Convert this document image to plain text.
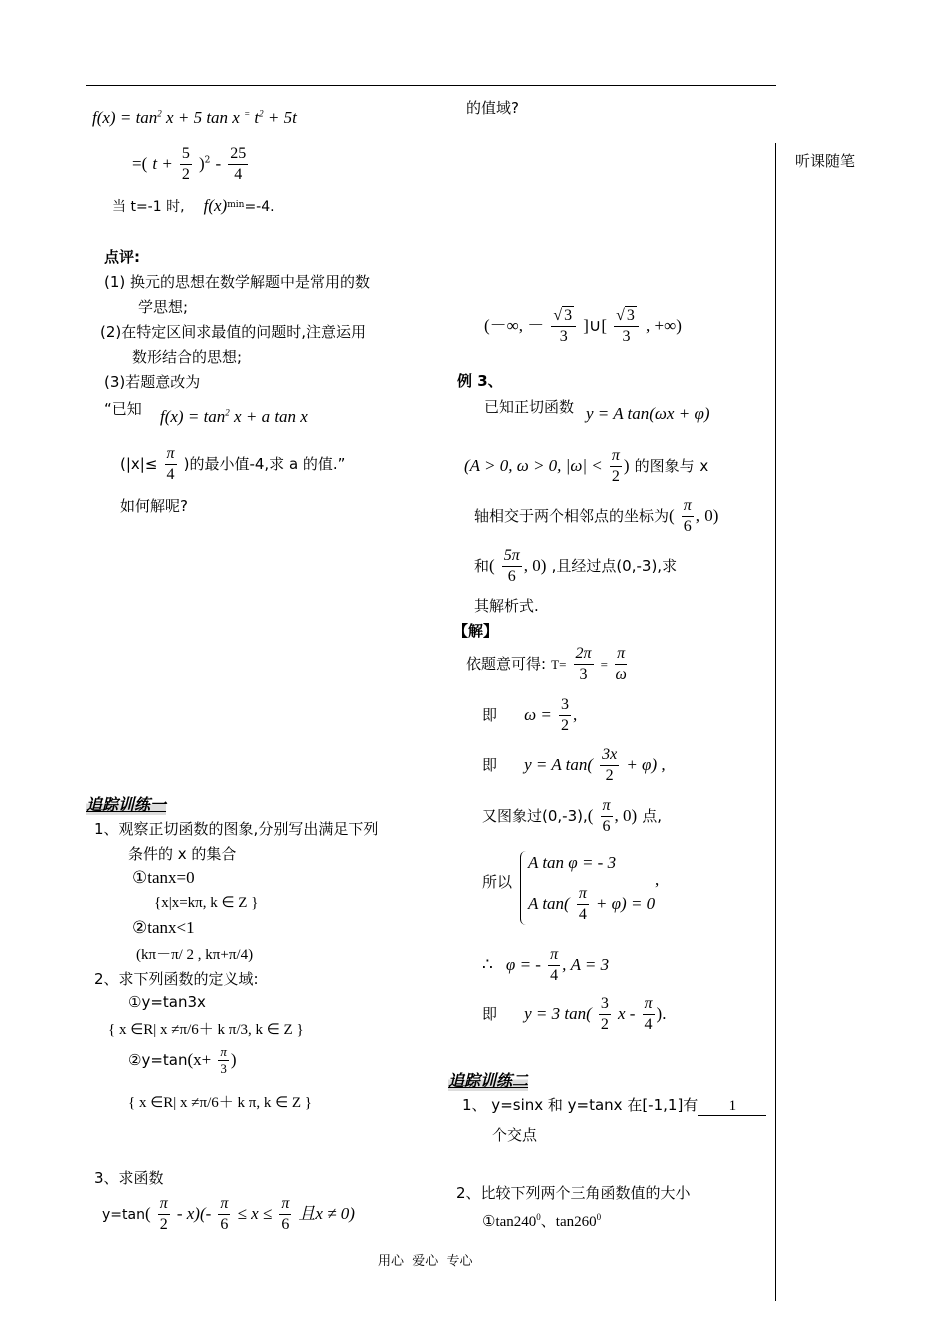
听课随笔
$f(x) = \tan^2 x + 5$ tan x = $t^2 + 5t$
=( $t + \frac{5}{2} )^2 - \frac{25}{4}$
当 t=-1 时, $f(x)^{min}=-4$.
点评:
(1) 换元的思想在数学解题中是常用的数
学思想;
(2)在特定区间求最值的问题时,注意运用
数形结合的思想;
(3)若题意改为
“已知 $f(x) = \tan^2 x + a$ tan x
($|x|\le \frac{\pi}{4}$ )的最小值-4,求 a 的值.”
如何解呢?
追踪训练一
1、观察正切函数的图象,分别写出满足下列
条件的 x 的集合
①tanx=0
{x|x=kπ, k ∈ Z }
②tanx<1
(kπ－π/ 2 , kπ+π/4)
2、求下列函数的定义域:
①y=tan3x
{ x ∈R| x ≠π/6＋ k π/3, k ∈ Z }
②y=tan(x+ $\frac{\pi}{3}$ )
{ x ∈R| x ≠π/6＋ k π, k ∈ Z }
3、求函数
$y=\tan( \frac{\pi}{2} - x)(- \frac{\pi}{6} \le x \le \frac{\pi}{6}$ 且x ≠ 0)
的值域?
(－∞, － $\frac{√ 3}{3}$ ]∪[ $\frac{√ 3}{3}$ , +∞)
例 3、
已知正切函数 y = A tan(ωx + φ)
(A > 0, ω > 0, $|\omega| < \frac{\pi}{2}$ ) 的图象与 x
轴相交于两个相邻点的坐标为( $\frac{\pi}{6}$ , 0)
和( $\frac{5\pi}{6}$ , 0) ,且经过点(0,-3),求
其解析式.
【解】
依题意可得: $T= \frac{2\pi}{3} = \frac{\pi}{\omega}$
即 $\omega = \frac{3}{2}$ ,
即 y = A $\tan( \frac{3x}{2} + \varphi)$ ,
又图象过$(0,-3),( \frac{\pi}{6}$ , 0) 点,
所以
A tan φ = - 3
A $\tan( \frac{\pi}{4} + \varphi) = 0$
,
∴ φ = - $\frac{\pi}{4}$ , A = 3
即 y = 3 $\tan( \frac{3}{2}$ x - $\frac{\pi}{4}$ ).
追踪训练二
1、 y=sinx 和 y=tanx 在[-1,1]有 1
个交点
2、比较下列两个三角函数值的大小
$①\tan 240^0$、$\tan 260^0$
用心  爱心  专心
